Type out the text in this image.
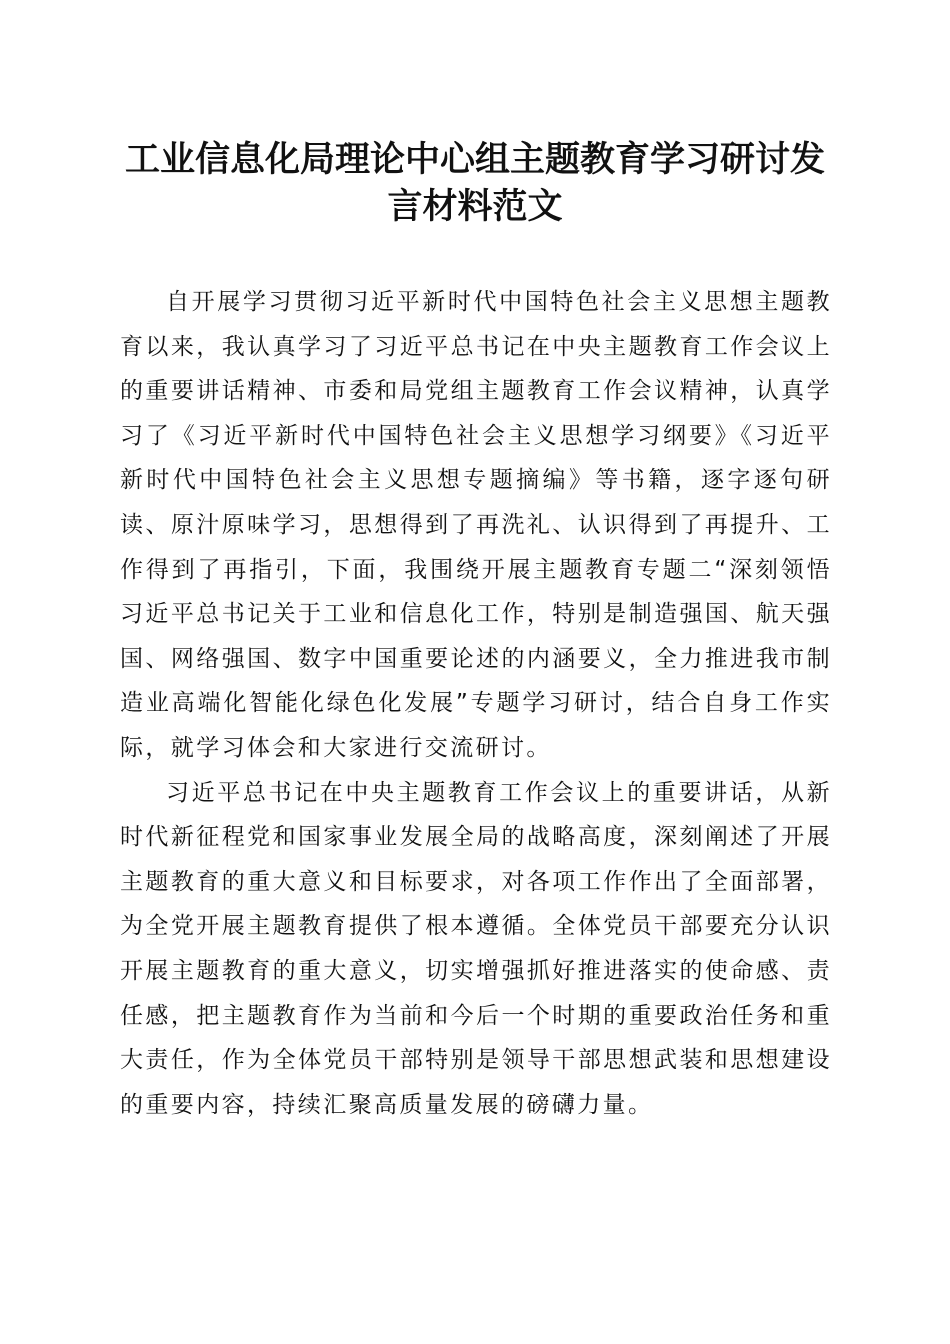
工业信息化局理论中心组主题教育学习研讨发
言材料范文

自开展学习贯彻习近平新时代中国特色社会主义思想主题教育以来，我认真学习了习近平总书记在中央主题教育工作会议上的重要讲话精神、市委和局党组主题教育工作会议精神，认真学习了《习近平新时代中国特色社会主义思想学习纲要》《习近平新时代中国特色社会主义思想专题摘编》等书籍，逐字逐句研读、原汁原味学习，思想得到了再洗礼、认识得到了再提升、工作得到了再指引，下面，我围绕开展主题教育专题二“深刻领悟习近平总书记关于工业和信息化工作，特别是制造强国、航天强国、网络强国、数字中国重要论述的内涵要义，全力推进我市制造业高端化智能化绿色化发展”专题学习研讨，结合自身工作实际，就学习体会和大家进行交流研讨。

习近平总书记在中央主题教育工作会议上的重要讲话，从新时代新征程党和国家事业发展全局的战略高度，深刻阐述了开展主题教育的重大意义和目标要求，对各项工作作出了全面部署，为全党开展主题教育提供了根本遵循。全体党员干部要充分认识开展主题教育的重大意义，切实增强抓好推进落实的使命感、责任感，把主题教育作为当前和今后一个时期的重要政治任务和重大责任，作为全体党员干部特别是领导干部思想武装和思想建设的重要内容，持续汇聚高质量发展的磅礴力量。
